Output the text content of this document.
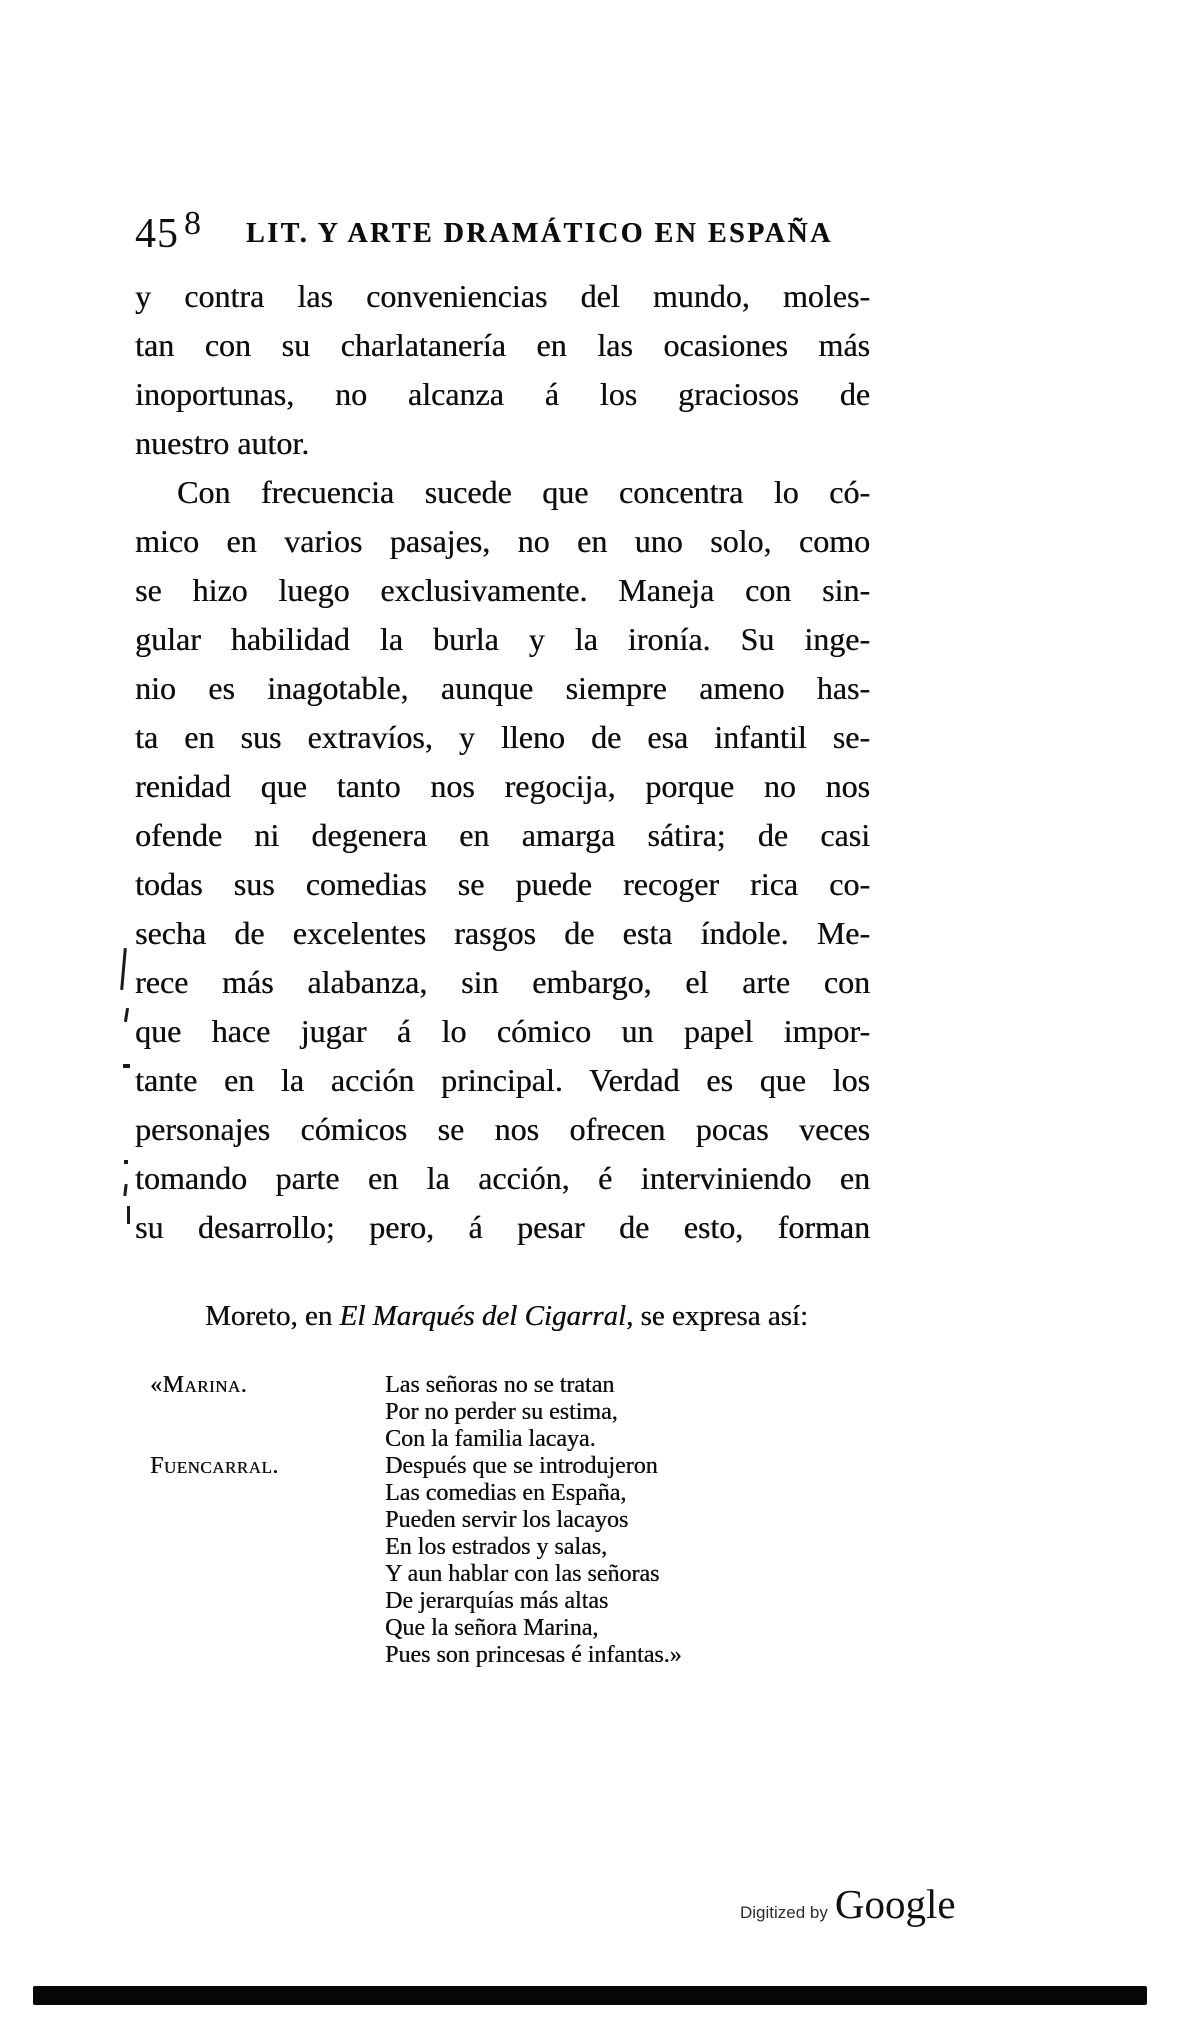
45 8 LIT. Y ARTE DRAMÁTICO EN ESPAÑA
y contra las conveniencias del mundo, moles-
tan con su charlatanería en las ocasiones más
inoportunas, no alcanza á los graciosos de
nuestro autor.
Con frecuencia sucede que concentra lo có-
mico en varios pasajes, no en uno solo, como
se hizo luego exclusivamente. Maneja con sin-
gular habilidad la burla y la ironía. Su inge-
nio es inagotable, aunque siempre ameno has-
ta en sus extravíos, y lleno de esa infantil se-
renidad que tanto nos regocija, porque no nos
ofende ni degenera en amarga sátira; de casi
todas sus comedias se puede recoger rica co-
secha de excelentes rasgos de esta índole. Me-
rece más alabanza, sin embargo, el arte con
que hace jugar á lo cómico un papel impor-
tante en la acción principal. Verdad es que los
personajes cómicos se nos ofrecen pocas veces
tomando parte en la acción, é interviniendo en
su desarrollo; pero, á pesar de esto, forman
Moreto, en El Marqués del Cigarral, se expresa así:
«Marina.	Las señoras no se tratan
Por no perder su estima,
Con la familia lacaya.
Fuencarral.	Después que se introdujeron
Las comedias en España,
Pueden servir los lacayos
En los estrados y salas,
Y aun hablar con las señoras
De jerarquías más altas
Que la señora Marina,
Pues son princesas é infantas.»
Digitized by Google
